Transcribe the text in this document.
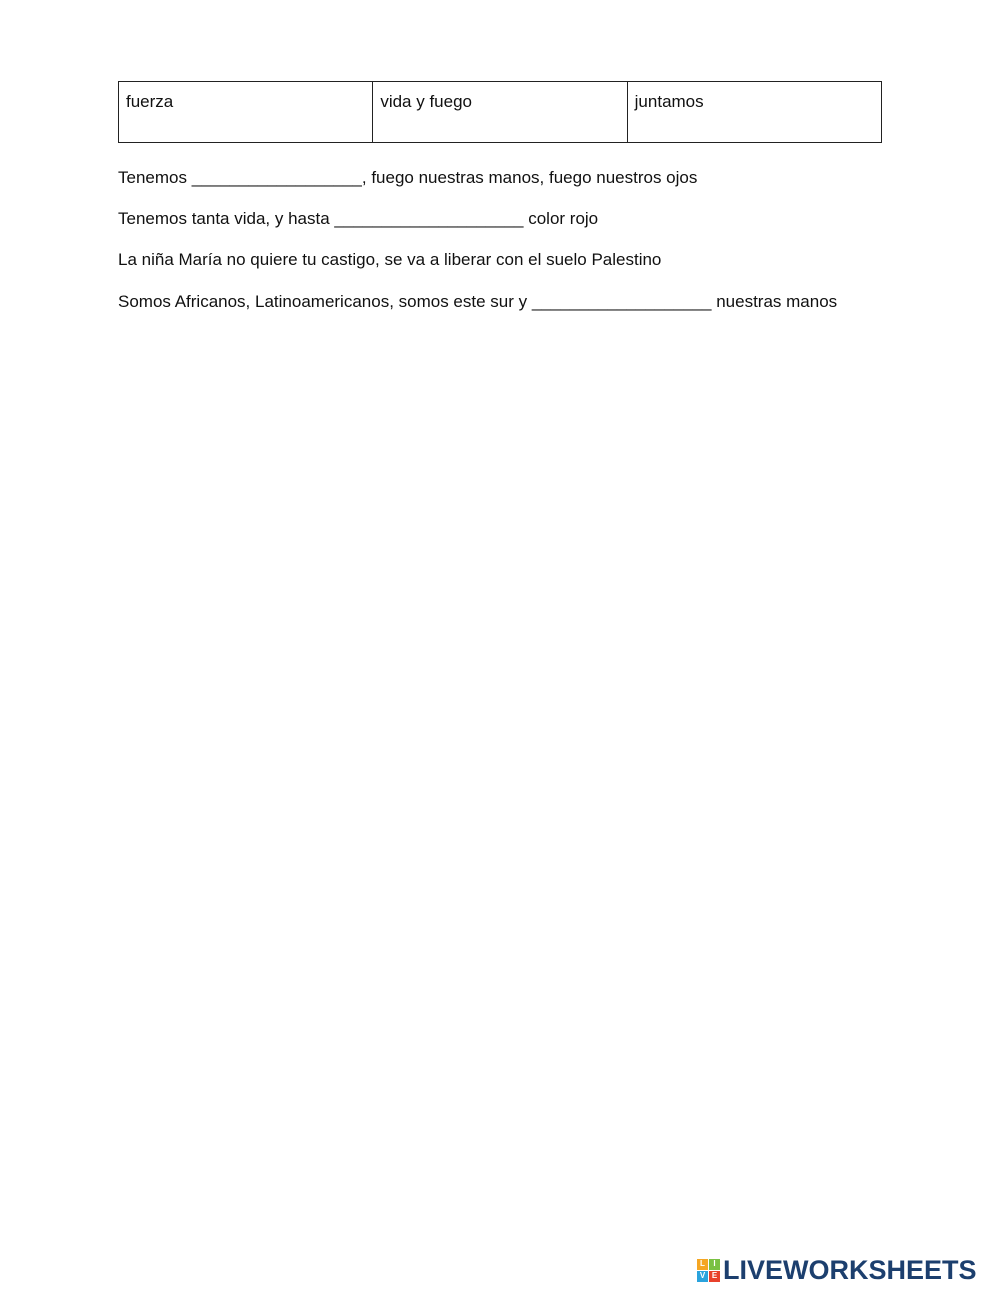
fuerza	vida y fuego	juntamos
Tenemos __________________, fuego nuestras manos, fuego nuestros ojos
Tenemos tanta vida, y hasta ____________________ color rojo
La niña María no quiere tu castigo, se va a liberar con el suelo Palestino
Somos Africanos, Latinoamericanos, somos este sur y ___________________ nuestras manos
L	I
V E LIVEWORKSHEETS
